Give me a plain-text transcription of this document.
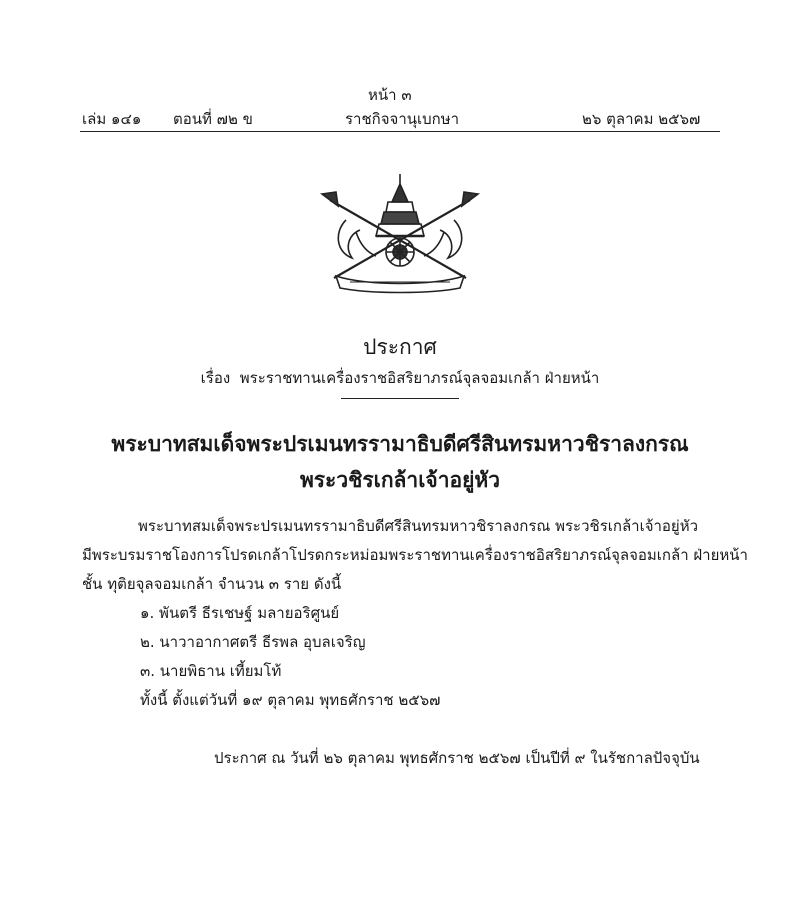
หน้า ๓
เล่ม ๑๔๑ ตอนที่ ๗๒ ข	ราชกิจจานุเบกษา	๒๖ ตุลาคม ๒๕๖๗
ประกาศ
เรื่อง พระราชทานเครื่องราชอิสริยาภรณ์จุลจอมเกล้า ฝ่ายหน้า
พระบาทสมเด็จพระปรเมนทรรามาธิบดีศรีสินทรมหาวชิราลงกรณ
พระวชิรเกล้าเจ้าอยู่หัว
พระบาทสมเด็จพระปรเมนทรรามาธิบดีศรีสินทรมหาวชิราลงกรณ พระวชิรเกล้าเจ้าอยู่หัว
มีพระบรมราชโองการโปรดเกล้าโปรดกระหม่อมพระราชทานเครื่องราชอิสริยาภรณ์จุลจอมเกล้า ฝ่ายหน้า
ชั้น ทุติยจุลจอมเกล้า จำนวน ๓ ราย ดังนี้
๑. พันตรี ธีรเชษฐ์ มลายอริศูนย์
๒. นาวาอากาศตรี ธีรพล อุบลเจริญ
๓. นายพิธาน เที้ยมโท้
ทั้งนี้ ตั้งแต่วันที่ ๑๙ ตุลาคม พุทธศักราช ๒๕๖๗
ประกาศ ณ วันที่ ๒๖ ตุลาคม พุทธศักราช ๒๕๖๗ เป็นปีที่ ๙ ในรัชกาลปัจจุบัน
